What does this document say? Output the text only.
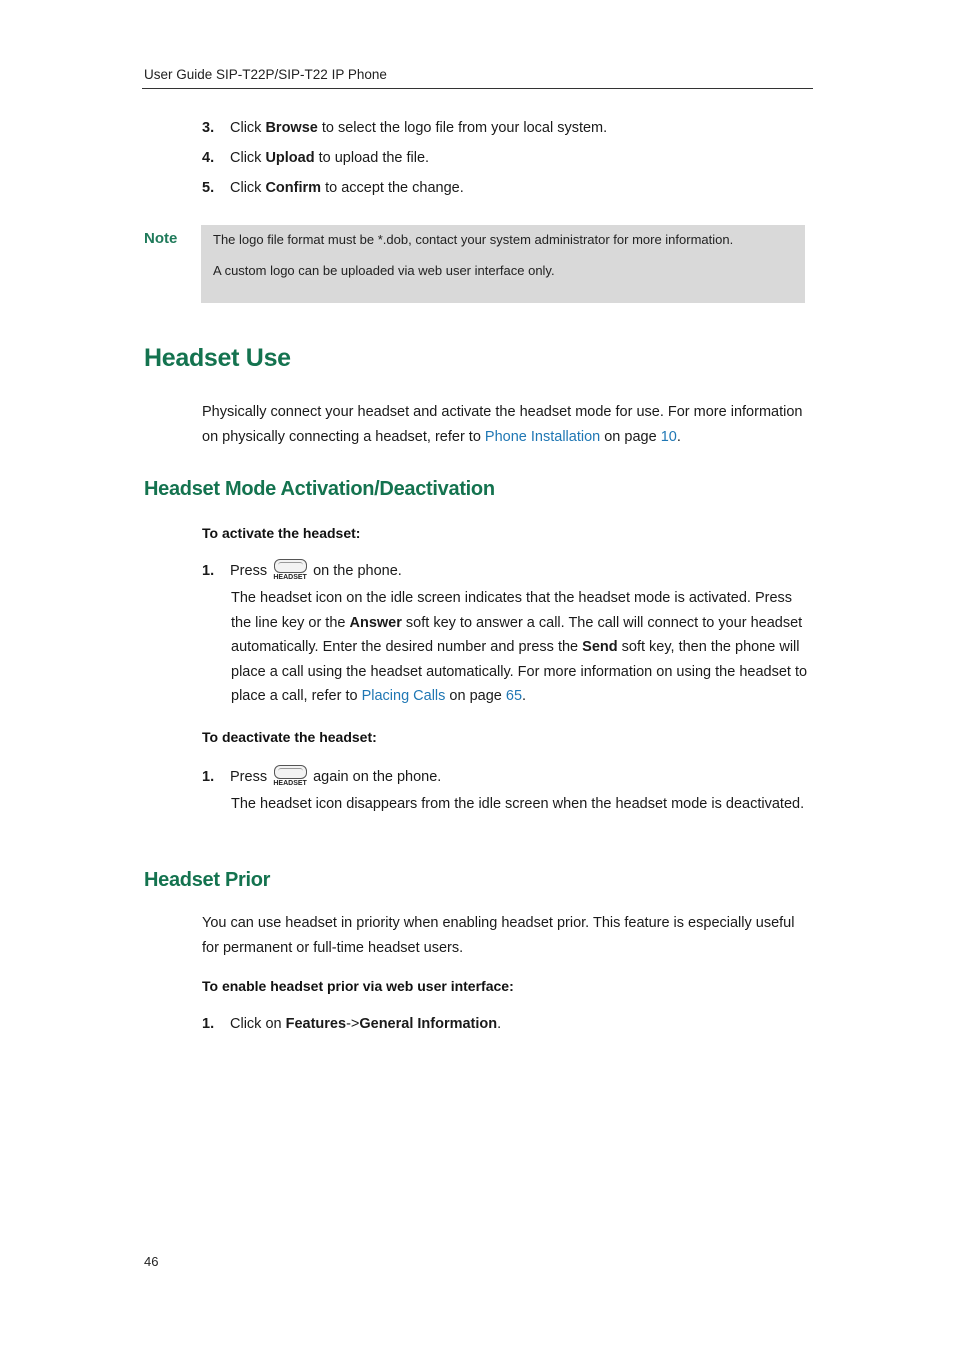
User Guide SIP-T22P/SIP-T22 IP Phone
3. Click Browse to select the logo file from your local system.
4. Click Upload to upload the file.
5. Click Confirm to accept the change.
Note	The logo file format must be *.dob, contact your system administrator for more information.

A custom logo can be uploaded via web user interface only.

Headset Use

Physically connect your headset and activate the headset mode for use. For more information on physically connecting a headset, refer to Phone Installation on page 10.

Headset Mode Activation/Deactivation
To activate the headset:
1. Press HEADSET on the phone.

The headset icon on the idle screen indicates that the headset mode is activated. Press the line key or the Answer soft key to answer a call. The call will connect to your headset automatically. Enter the desired number and press the Send soft key, then the phone will place a call using the headset automatically. For more information on using the headset to place a call, refer to Placing Calls on page 65.

To deactivate the headset:
1. Press HEADSET again on the phone.

The headset icon disappears from the idle screen when the headset mode is deactivated.

Headset Prior

You can use headset in priority when enabling headset prior. This feature is especially useful for permanent or full-time headset users.

To enable headset prior via web user interface:
1. Click on Features->General Information.
46
